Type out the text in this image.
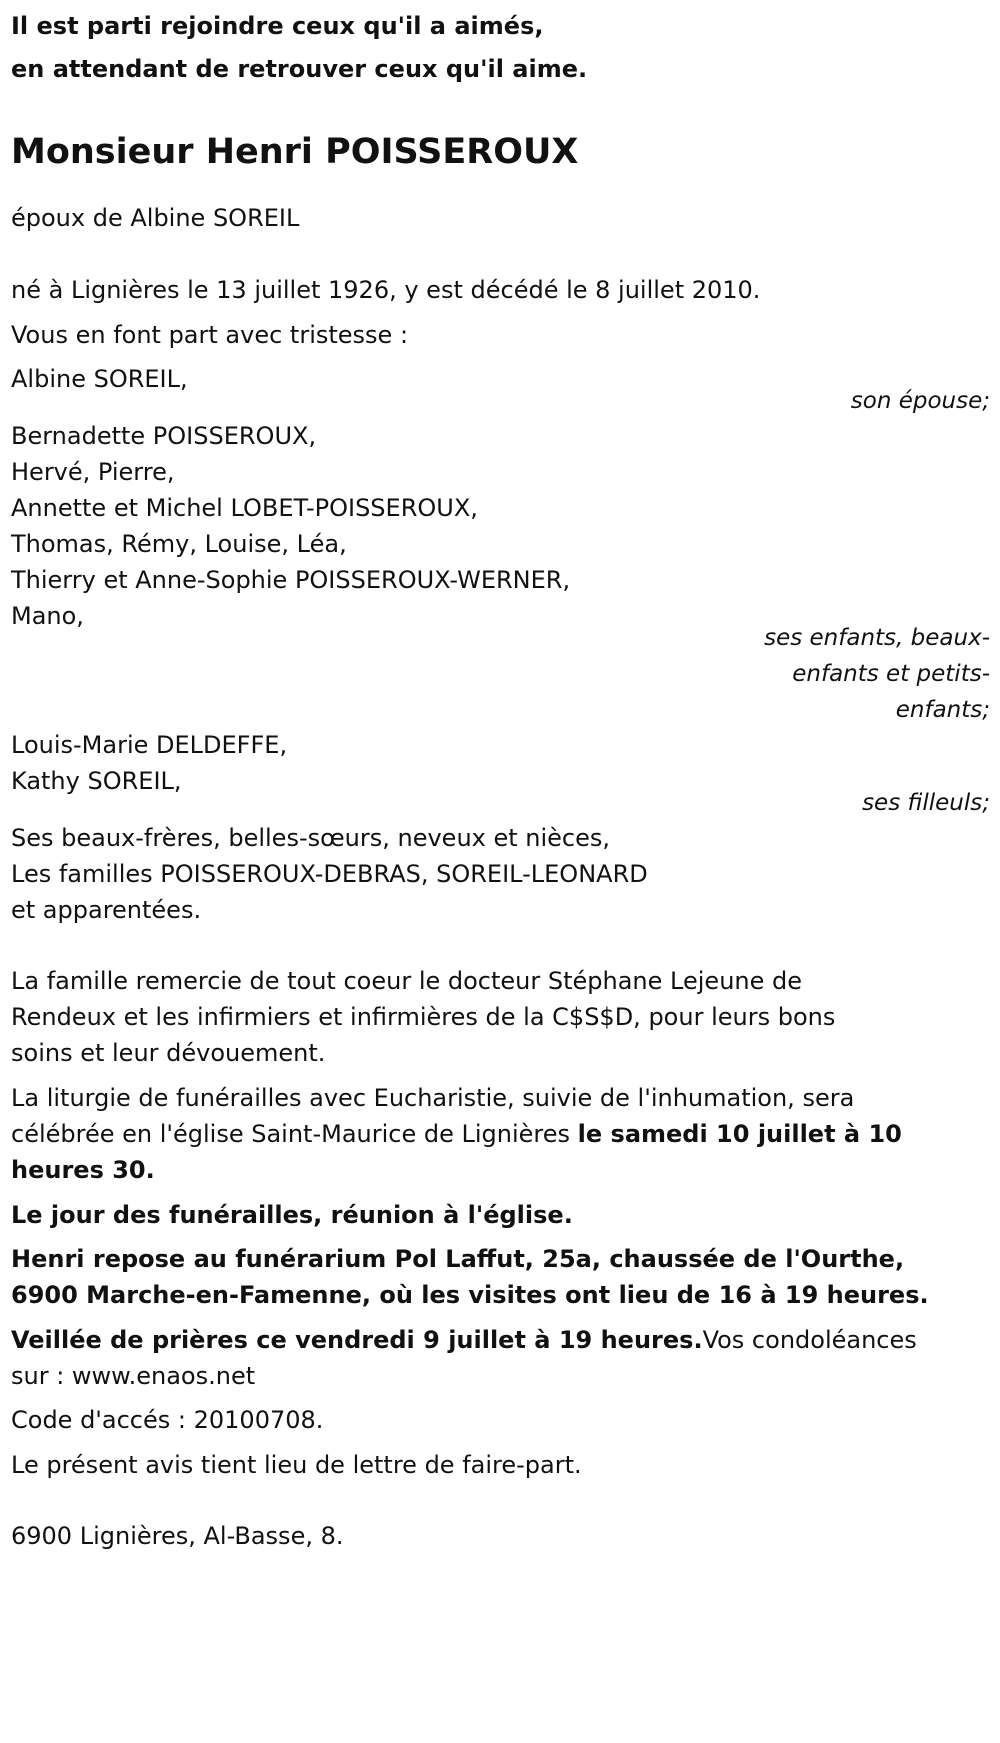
Il est parti rejoindre ceux qu'il a aimés,
en attendant de retrouver ceux qu'il aime.
Monsieur Henri POISSEROUX
époux de Albine SOREIL
né à Lignières le 13 juillet 1926, y est décédé le 8 juillet 2010.
Vous en font part avec tristesse :
Albine SOREIL,
son épouse;
Bernadette POISSEROUX,
Hervé, Pierre,
Annette et Michel LOBET-POISSEROUX,
Thomas, Rémy, Louise, Léa,
Thierry et Anne-Sophie POISSEROUX-WERNER,
Mano,
ses enfants, beaux-
enfants et petits-
enfants;
Louis-Marie DELDEFFE,
Kathy SOREIL,
ses filleuls;
Ses beaux-frères, belles-sœurs, neveux et nièces,
Les familles POISSEROUX-DEBRAS, SOREIL-LEONARD
et apparentées.
La famille remercie de tout coeur le docteur Stéphane Lejeune de
Rendeux et les infirmiers et infirmières de la C$S$D, pour leurs bons
soins et leur dévouement.
La liturgie de funérailles avec Eucharistie, suivie de l'inhumation, sera
célébrée en l'église Saint-Maurice de Lignières le samedi 10 juillet à 10
heures 30.
Le jour des funérailles, réunion à l'église.
Henri repose au funérarium Pol Laffut, 25a, chaussée de l'Ourthe,
6900 Marche-en-Famenne, où les visites ont lieu de 16 à 19 heures.
Veillée de prières ce vendredi 9 juillet à 19 heures.Vos condoléances
sur : www.enaos.net
Code d'accés : 20100708.
Le présent avis tient lieu de lettre de faire-part.
6900 Lignières, Al-Basse, 8.
